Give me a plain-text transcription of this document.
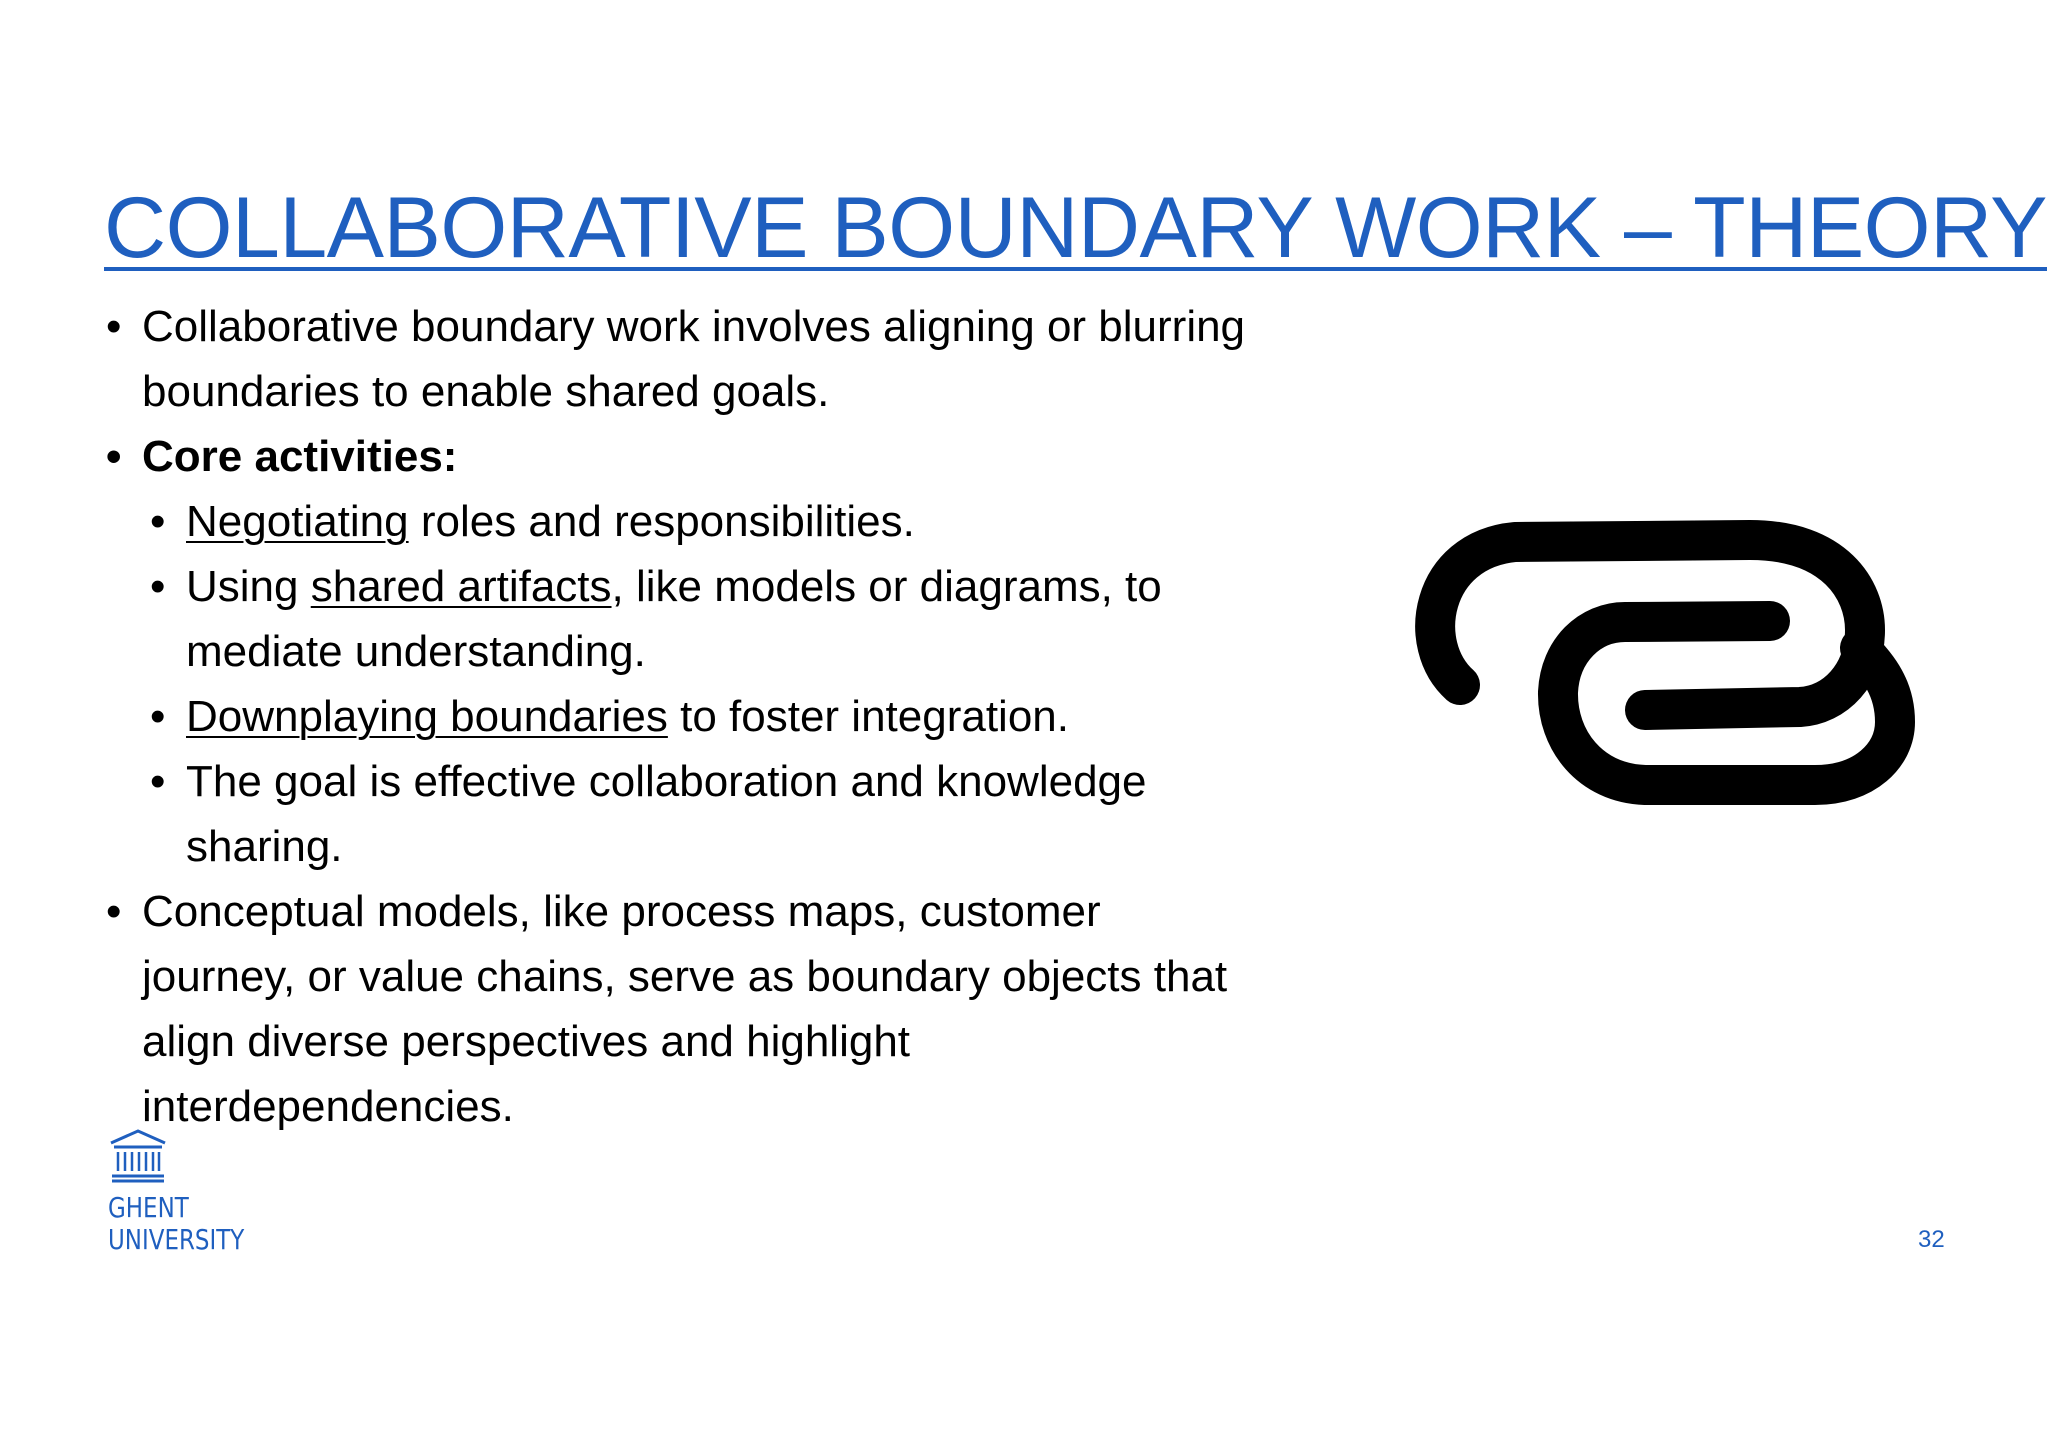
COLLABORATIVE BOUNDARY WORK – THEORY
• Collaborative boundary work involves aligning or blurring boundaries to enable shared goals.
• Core activities:
• Negotiating roles and responsibilities.
• Using shared artifacts, like models or diagrams, to mediate understanding.
• Downplaying boundaries to foster integration.
• The goal is effective collaboration and knowledge sharing.
• Conceptual models, like process maps, customer journey, or value chains, serve as boundary objects that align diverse perspectives and highlight interdependencies.
GHENT
UNIVERSITY	32
